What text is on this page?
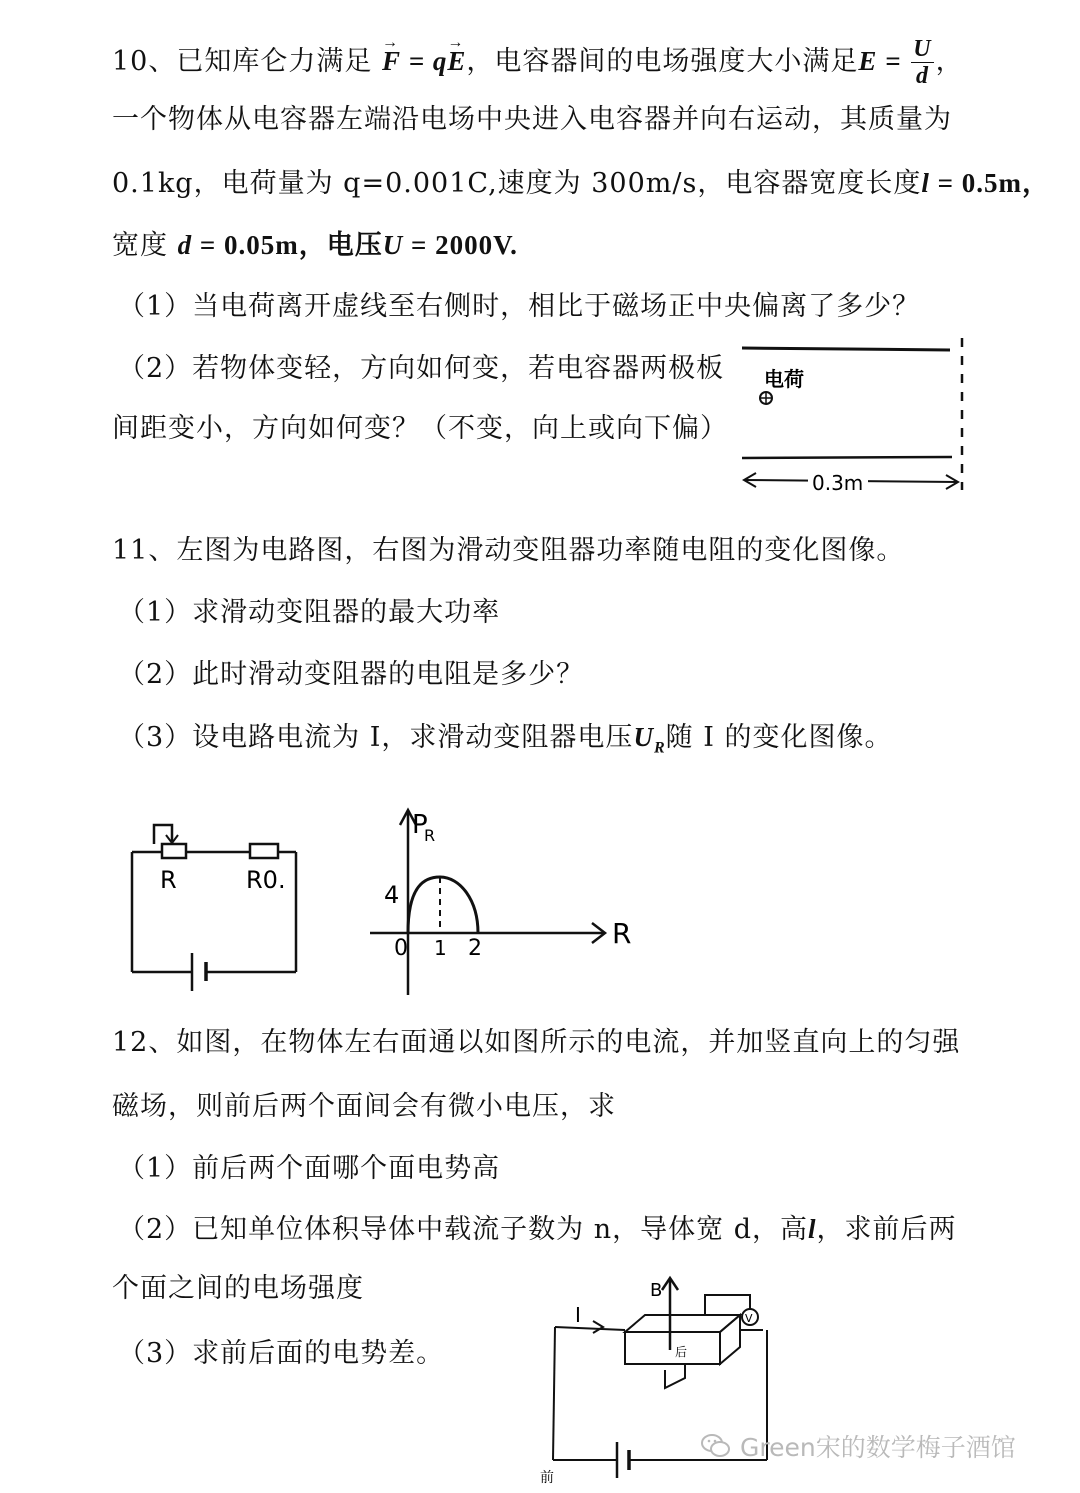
10、已知库仑力满足 → F = q→ E，电容器间的电场强度大小满足$E = \frac{U}{d}$ ，
一个物体从电容器左端沿电场中央进入电容器并向右运动，其质量为
0.1kg，电荷量为 q=0.001C,速度为 300m/s，电容器宽度长度l = 0.5m，
宽度 d = 0.05m，电压U = 2000V.
（1）当电荷离开虚线至右侧时，相比于磁场正中央偏离了多少？
（2）若物体变轻，方向如何变，若电容器两极板
间距变小，方向如何变？（不变，向上或向下偏）
电荷
0.3m
11、左图为电路图，右图为滑动变阻器功率随电阻的变化图像。
（1）求滑动变阻器的最大功率
（2）此时滑动变阻器的电阻是多少？
（3）设电路电流为 I，求滑动变阻器电压$U_R$随 I 的变化图像。
R	R0.
P
R
R
4
0 1 2
12、如图，在物体左右面通以如图所示的电流，并加竖直向上的匀强
磁场，则前后两个面间会有微小电压，求
（1）前后两个面哪个面电势高
（2）已知单位体积导体中载流子数为 n，导体宽 d，高l，求前后两
个面之间的电场强度
（3）求前后面的电势差。
B
I	V
前
后
Green宋的数学梅子酒馆
